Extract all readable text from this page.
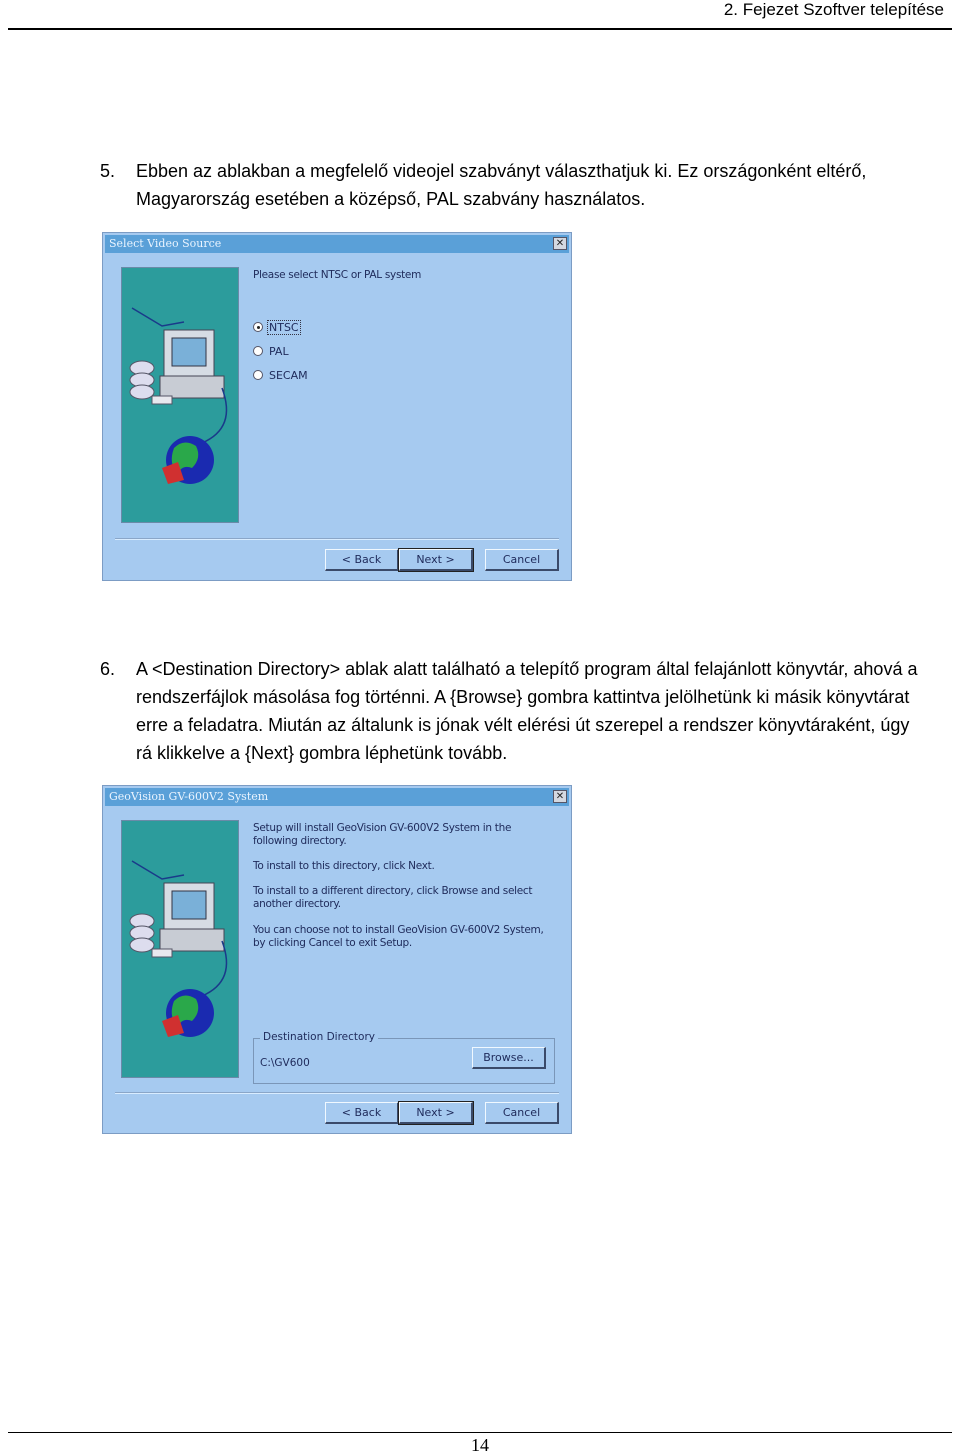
2. Fejezet Szoftver telepítése
5. Ebben az ablakban a megfelelő videojel szabványt választhatjuk ki. Ez országonként eltérő, Magyarország esetében a középső, PAL szabvány használatos.
Select Video Source	✕
Please select NTSC or PAL system
NTSC
PAL
SECAM
< Back	Next >	Cancel
6. A <Destination Directory> ablak alatt található a telepítő program által felajánlott könyvtár, ahová a rendszerfájlok másolása fog történni. A {Browse} gombra kattintva jelölhetünk ki másik könyvtárat erre a feladatra. Miután az általunk is jónak vélt elérési út szerepel a rendszer könyvtáraként, úgy rá klikkelve a {Next} gombra léphetünk tovább.
GeoVision GV-600V2 System	✕
Setup will install GeoVision GV-600V2 System in the following directory.
To install to this directory, click Next.
To install to a different directory, click Browse and select another directory.
You can choose not to install GeoVision GV-600V2 System, by clicking Cancel to exit Setup.
Destination Directory
C:\GV600	Browse...
< Back	Next >	Cancel
14
